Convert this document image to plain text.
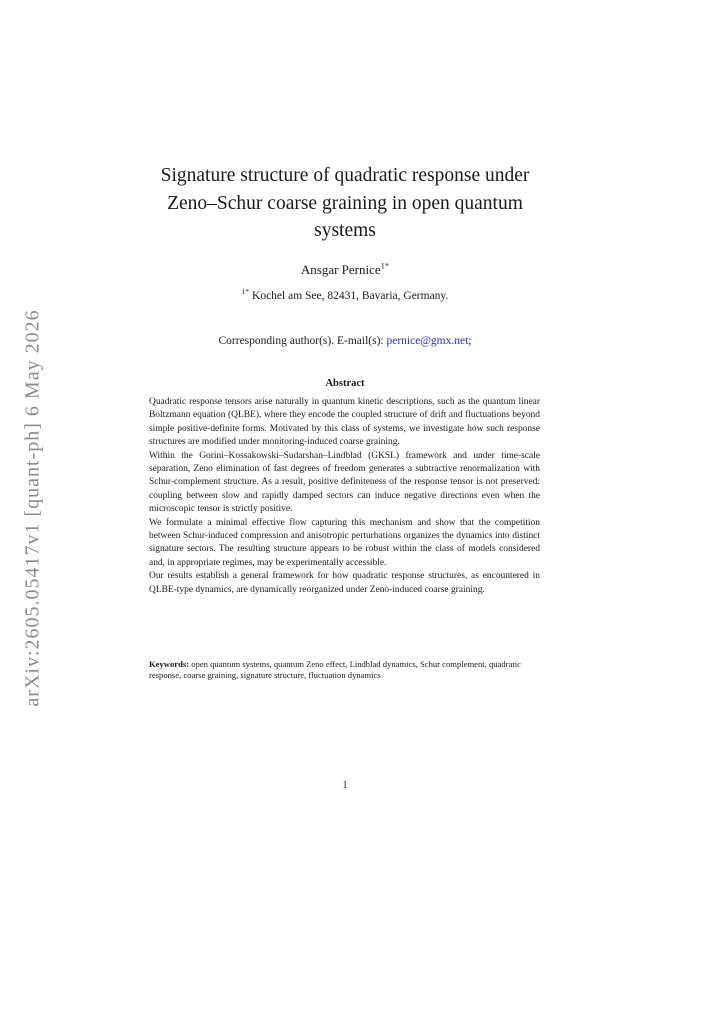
arXiv:2605.05417v1 [quant-ph] 6 May 2026
Signature structure of quadratic response under Zeno–Schur coarse graining in open quantum systems
Ansgar Pernice$^{1*}$
$^{1*}$ Kochel am See, 82431, Bavaria, Germany.
Corresponding author(s). E-mail(s): pernice@gmx.net;
Abstract

Quadratic response tensors arise naturally in quantum kinetic descriptions, such as the quantum linear Boltzmann equation (QLBE), where they encode the coupled structure of drift and fluctuations beyond simple positive-definite forms. Motivated by this class of systems, we investigate how such response structures are modified under monitoring-induced coarse graining.

Within the Gorini–Kossakowski–Sudarshan–Lindblad (GKSL) framework and under time-scale separation, Zeno elimination of fast degrees of freedom generates a subtractive renormalization with Schur-complement structure. As a result, positive definiteness of the response tensor is not preserved: coupling between slow and rapidly damped sectors can induce negative directions even when the microscopic tensor is strictly positive.

We formulate a minimal effective flow capturing this mechanism and show that the competition between Schur-induced compression and anisotropic perturbations organizes the dynamics into distinct signature sectors. The resulting structure appears to be robust within the class of models considered and, in appropriate regimes, may be experimentally accessible.

Our results establish a general framework for how quadratic response structures, as encountered in QLBE-type dynamics, are dynamically reorganized under Zeno-induced coarse graining.

Keywords: open quantum systems, quantum Zeno effect, Lindblad dynamics, Schur complement, quadratic response, coarse graining, signature structure, fluctuation dynamics
1
